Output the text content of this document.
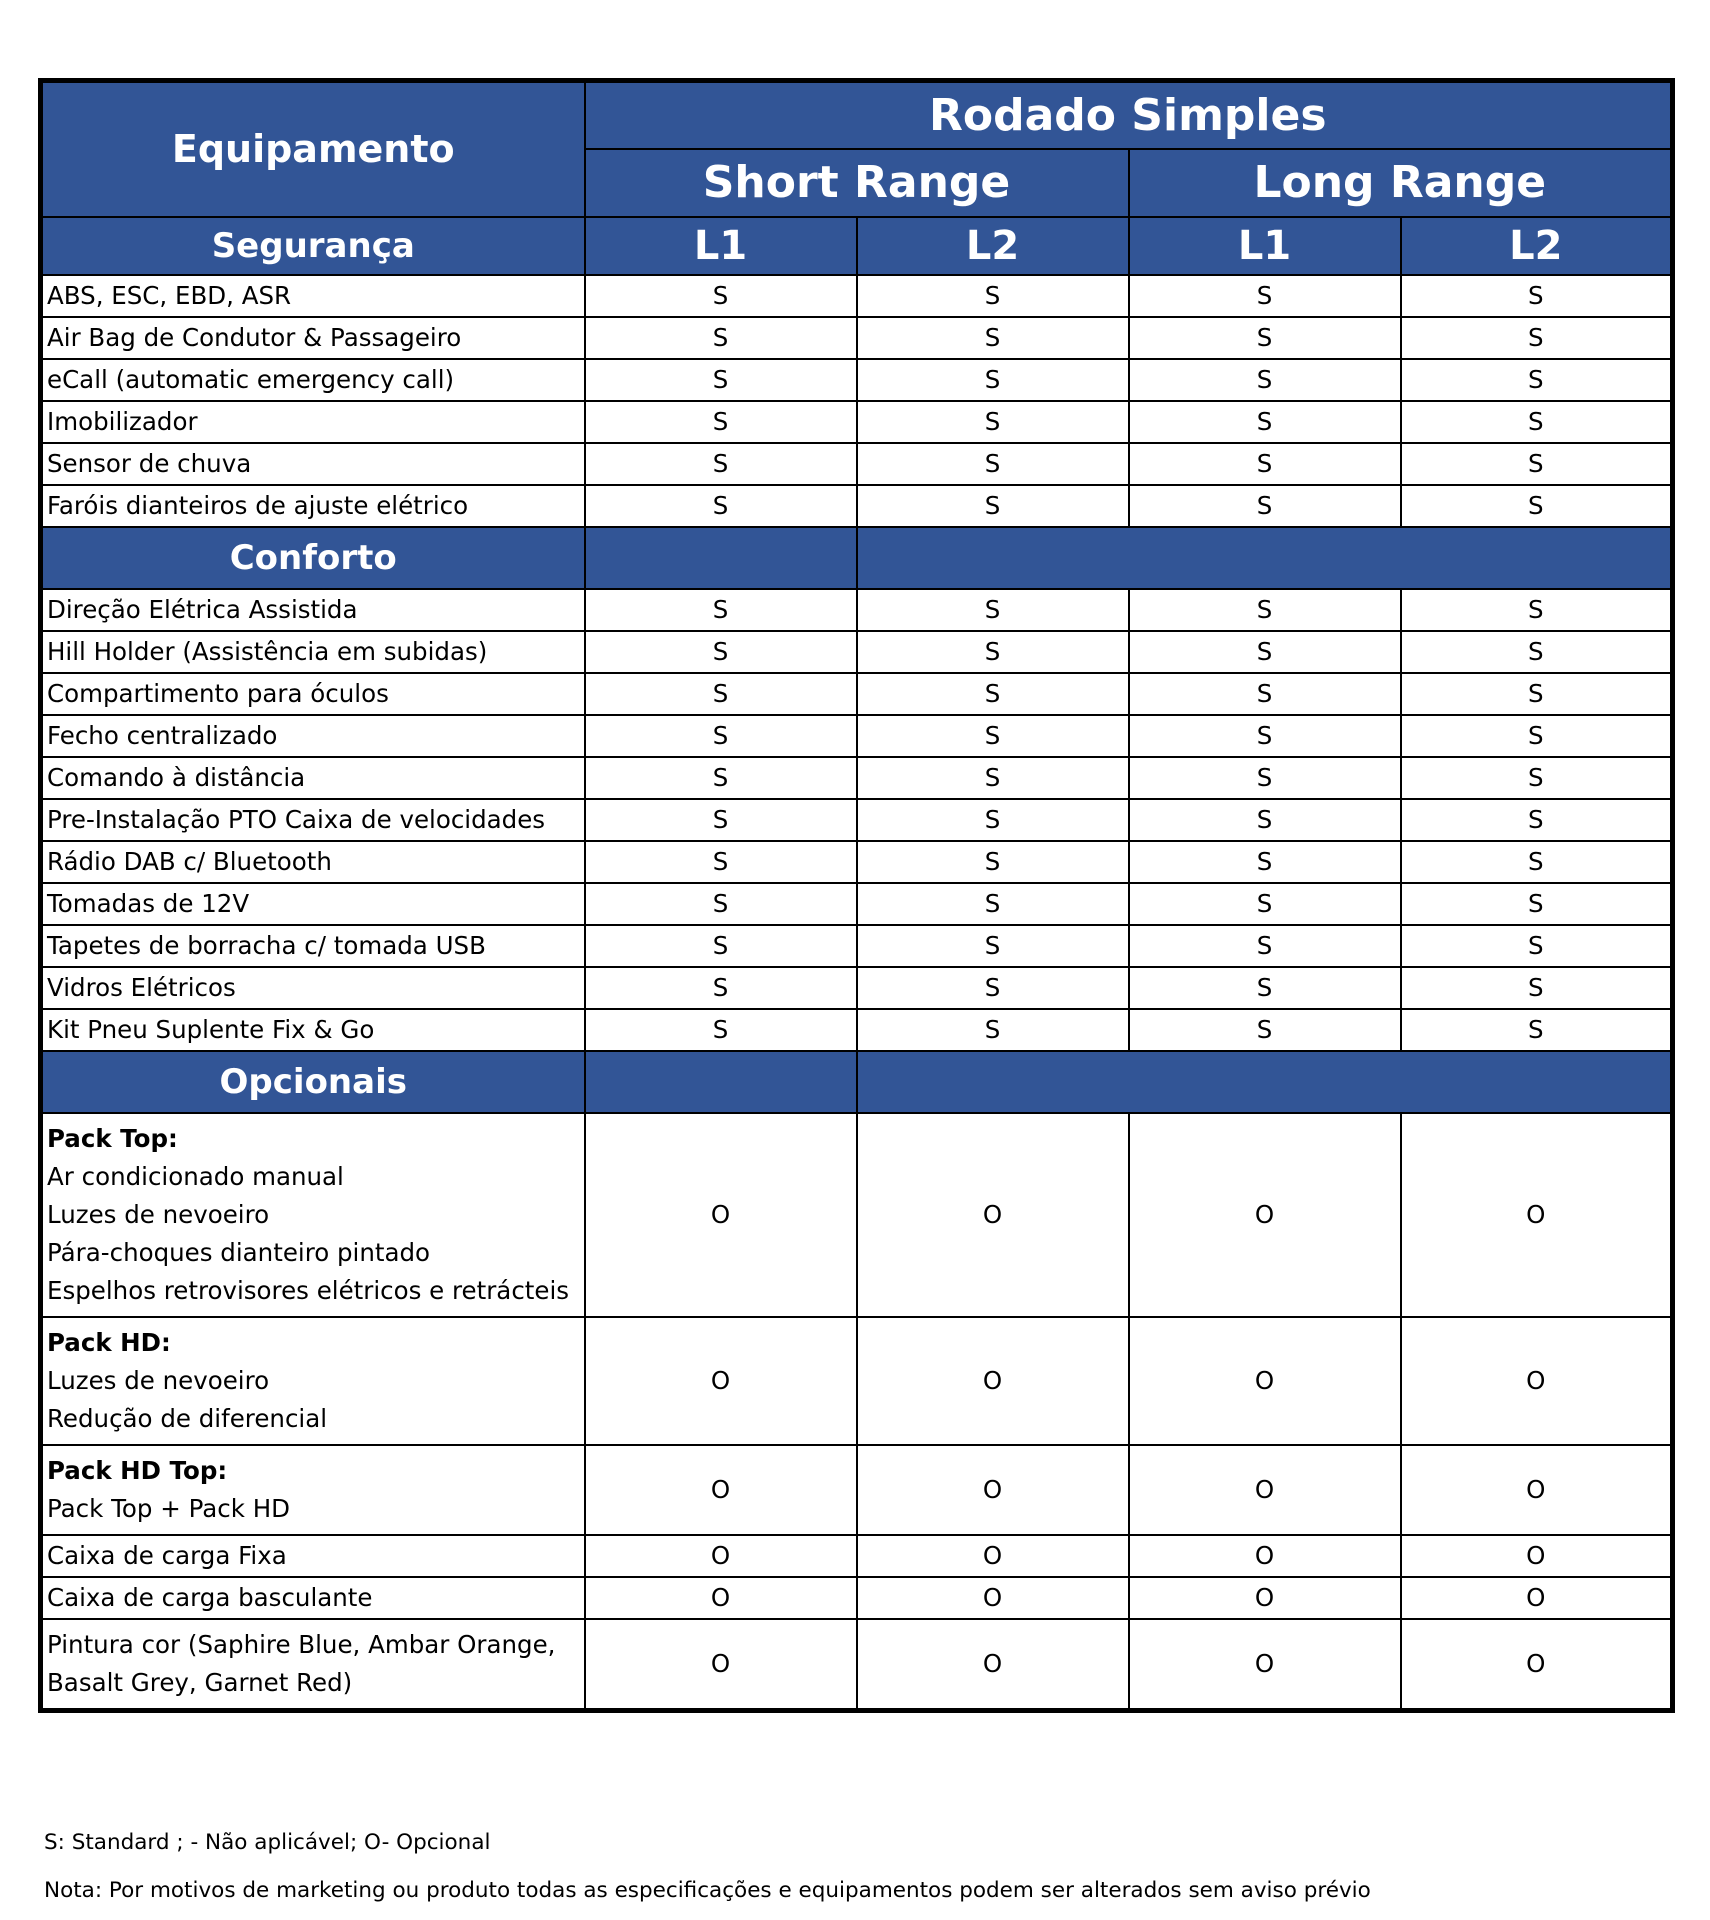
Equipamento	Rodado Simples			
	Short Range		Long Range	
Segurança	L1	L2	L1	L2

ABS, ESC, EBD, ASR	S	S	S	S

Air Bag de Condutor & Passageiro	S	S	S	S

eCall (automatic emergency call)	S	S	S	S

Imobilizador	S	S	S	S

Sensor de chuva	S	S	S	S

Faróis dianteiros de ajuste elétrico	S	S	S	S
Conforto				

Direção Elétrica Assistida	S	S	S	S

Hill Holder (Assistência em subidas)	S	S	S	S

Compartimento para óculos	S	S	S	S

Fecho centralizado	S	S	S	S

Comando à distância	S	S	S	S

Pre-Instalação PTO Caixa de velocidades	S	S	S	S

Rádio DAB c/ Bluetooth	S	S	S	S

Tomadas de 12V	S	S	S	S

Tapetes de borracha c/ tomada USB	S	S	S	S

Vidros Elétricos	S	S	S	S

Kit Pneu Suplente Fix & Go	S	S	S	S
Opcionais				

Pack Top:
Ar condicionado manual
Luzes de nevoeiro
Pára-choques dianteiro pintado
Espelhos retrovisores elétricos e retrácteis	O	O	O	O

Pack HD:
Luzes de nevoeiro
Redução de diferencial	O	O	O	O

Pack HD Top:
Pack Top + Pack HD	O	O	O	O

Caixa de carga Fixa	O	O	O	O

Caixa de carga basculante	O	O	O	O

Pintura cor (Saphire Blue, Ambar Orange,
Basalt Grey, Garnet Red)	O	O	O	O
S: Standard ; - Não aplicável; O- Opcional
Nota: Por motivos de marketing ou produto todas as especificações e equipamentos podem ser alterados sem aviso prévio
